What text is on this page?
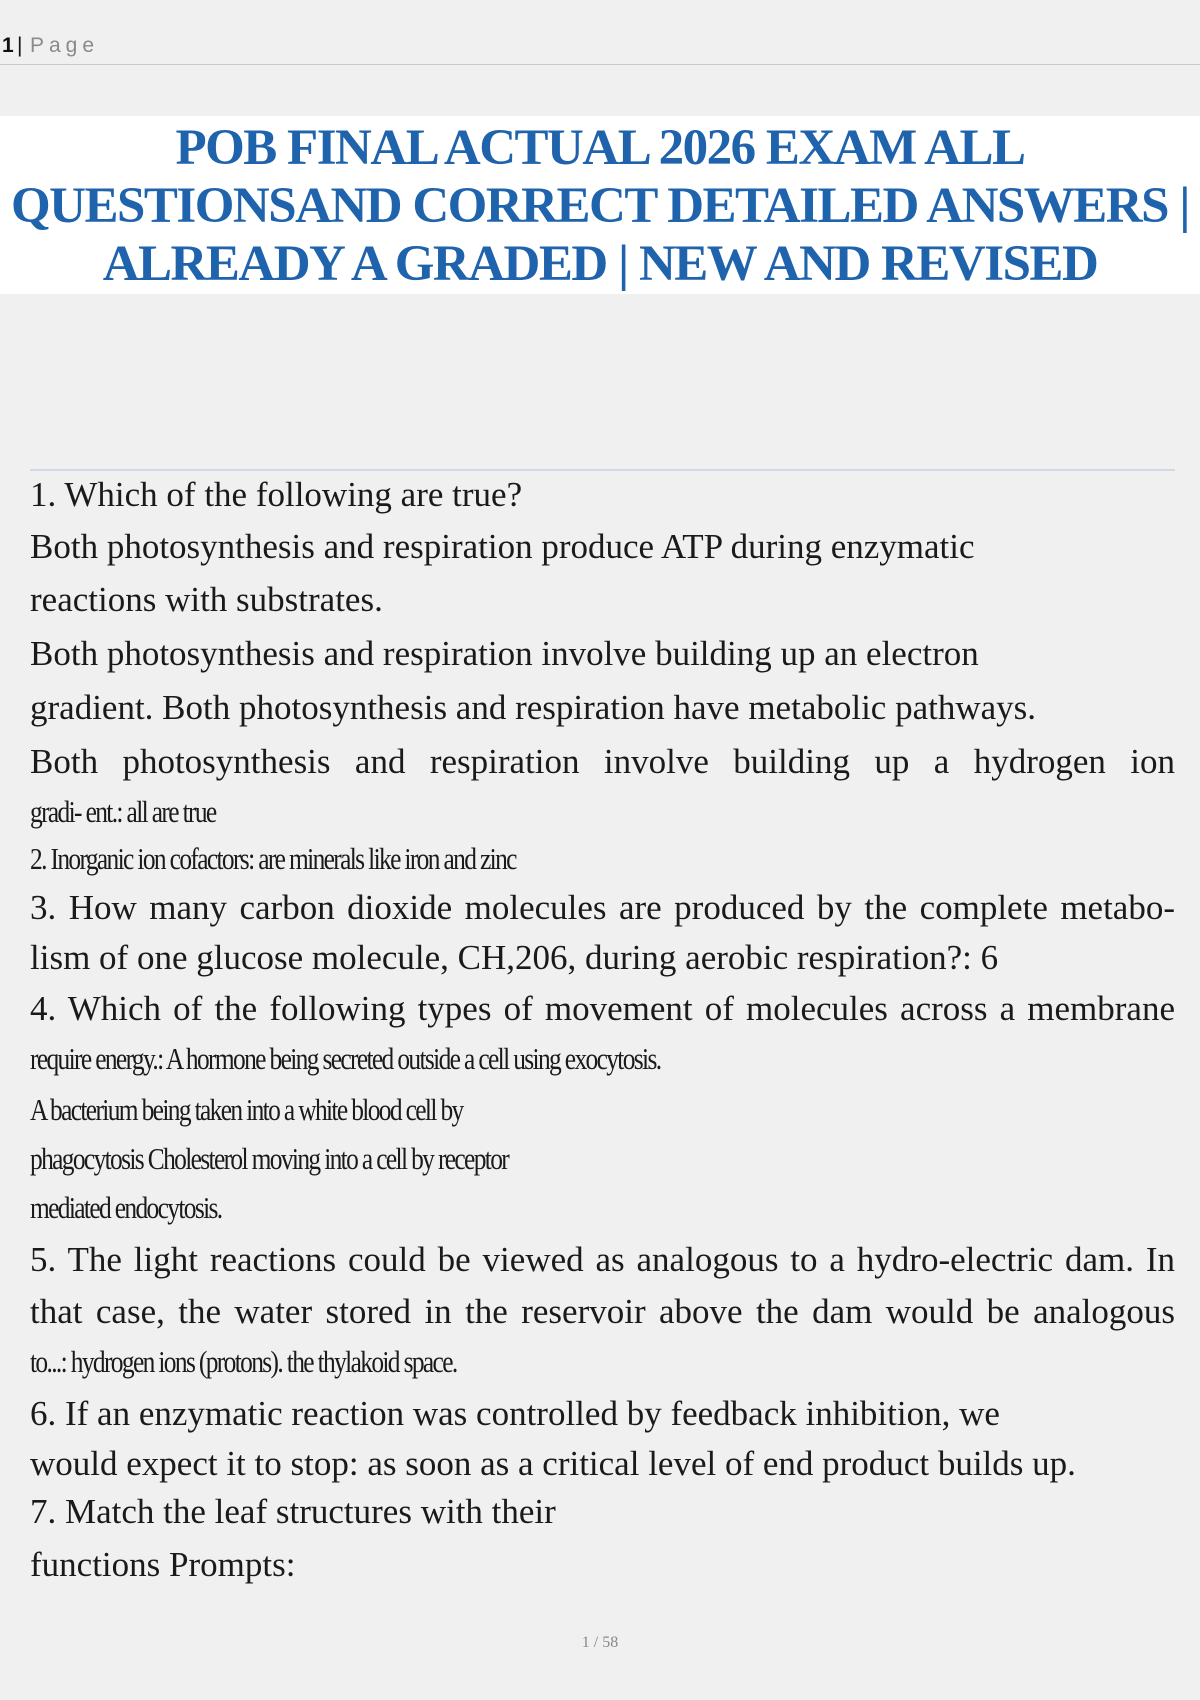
1 | Page
POB FINAL ACTUAL 2026 EXAM ALL
QUESTIONSAND CORRECT DETAILED ANSWERS |
ALREADY A GRADED | NEW AND REVISED
1. Which of the following are true?
Both photosynthesis and respiration produce ATP during enzymatic
reactions with substrates.
Both photosynthesis and respiration involve building up an electron
gradient. Both photosynthesis and respiration have metabolic pathways.
Both photosynthesis and respiration involve building up a hydrogen ion
gradi- ent.: all are true
2. Inorganic ion cofactors: are minerals like iron and zinc
3. How many carbon dioxide molecules are produced by the complete metabo-
lism of one glucose molecule, CH,206, during aerobic respiration?: 6
4. Which of the following types of movement of molecules across a membrane
require energy.: A hormone being secreted outside a cell using exocytosis.
A bacterium being taken into a white blood cell by
phagocytosis Cholesterol moving into a cell by receptor
mediated endocytosis.
5. The light reactions could be viewed as analogous to a hydro-electric dam. In
that case, the water stored in the reservoir above the dam would be analogous
to...: hydrogen ions (protons). the thylakoid space.
6. If an enzymatic reaction was controlled by feedback inhibition, we
would expect it to stop: as soon as a critical level of end product builds up.
7. Match the leaf structures with their
functions Prompts:
1 / 58
